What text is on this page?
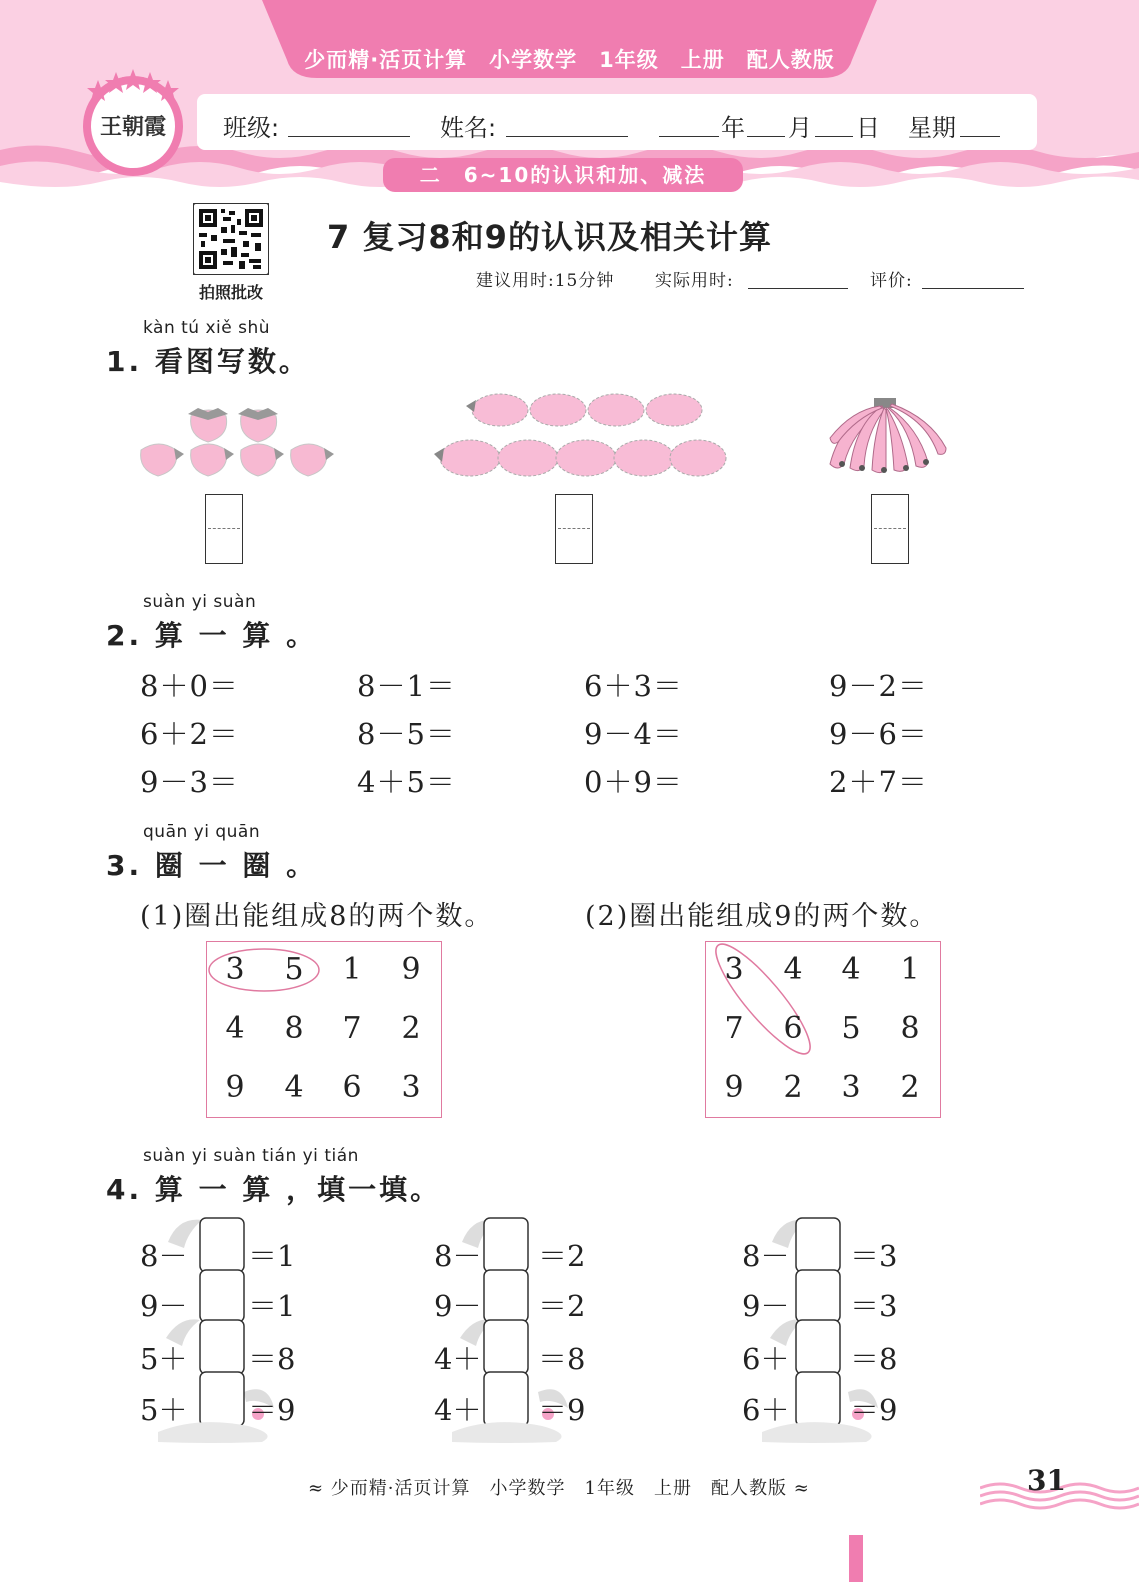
少而精·活页计算　小学数学　1年级　上册　配人教版
王朝霞	班级:	姓名:	年 月 日 星期
二　6~10的认识和加、减法
拍照批改
7 复习8和9的认识及相关计算
建议用时:15分钟 实际用时:	评价:
kàn tú xiě shù
1. 看图写数。
suàn yi suàn
2. 算 一 算 。
8＋0＝	8－1＝	6＋3＝	9－2＝
6＋2＝	8－5＝	9－4＝	9－6＝
9－3＝	4＋5＝	0＋9＝	2＋7＝
quān yi quān
3. 圈 一 圈 。
(1)圈出能组成8的两个数。	(2)圈出能组成9的两个数。
3	5	1	9
4	8	7	2
9	4	6	3
3	4	4	1
7	6	5	8
9	2	3	2
suàn yi suàn tián yi tián
4. 算 一 算 ，填一填。
8－ ＝1
9－ ＝1
5＋ ＝8
5＋ ＝9
8－ ＝2
9－ ＝2
4＋ ＝8
4＋ ＝9
8－ ＝3
9－ ＝3
6＋ ＝8
6＋ ＝9
≈ 少而精·活页计算　小学数学　1年级　上册　配人教版 ≈	31
